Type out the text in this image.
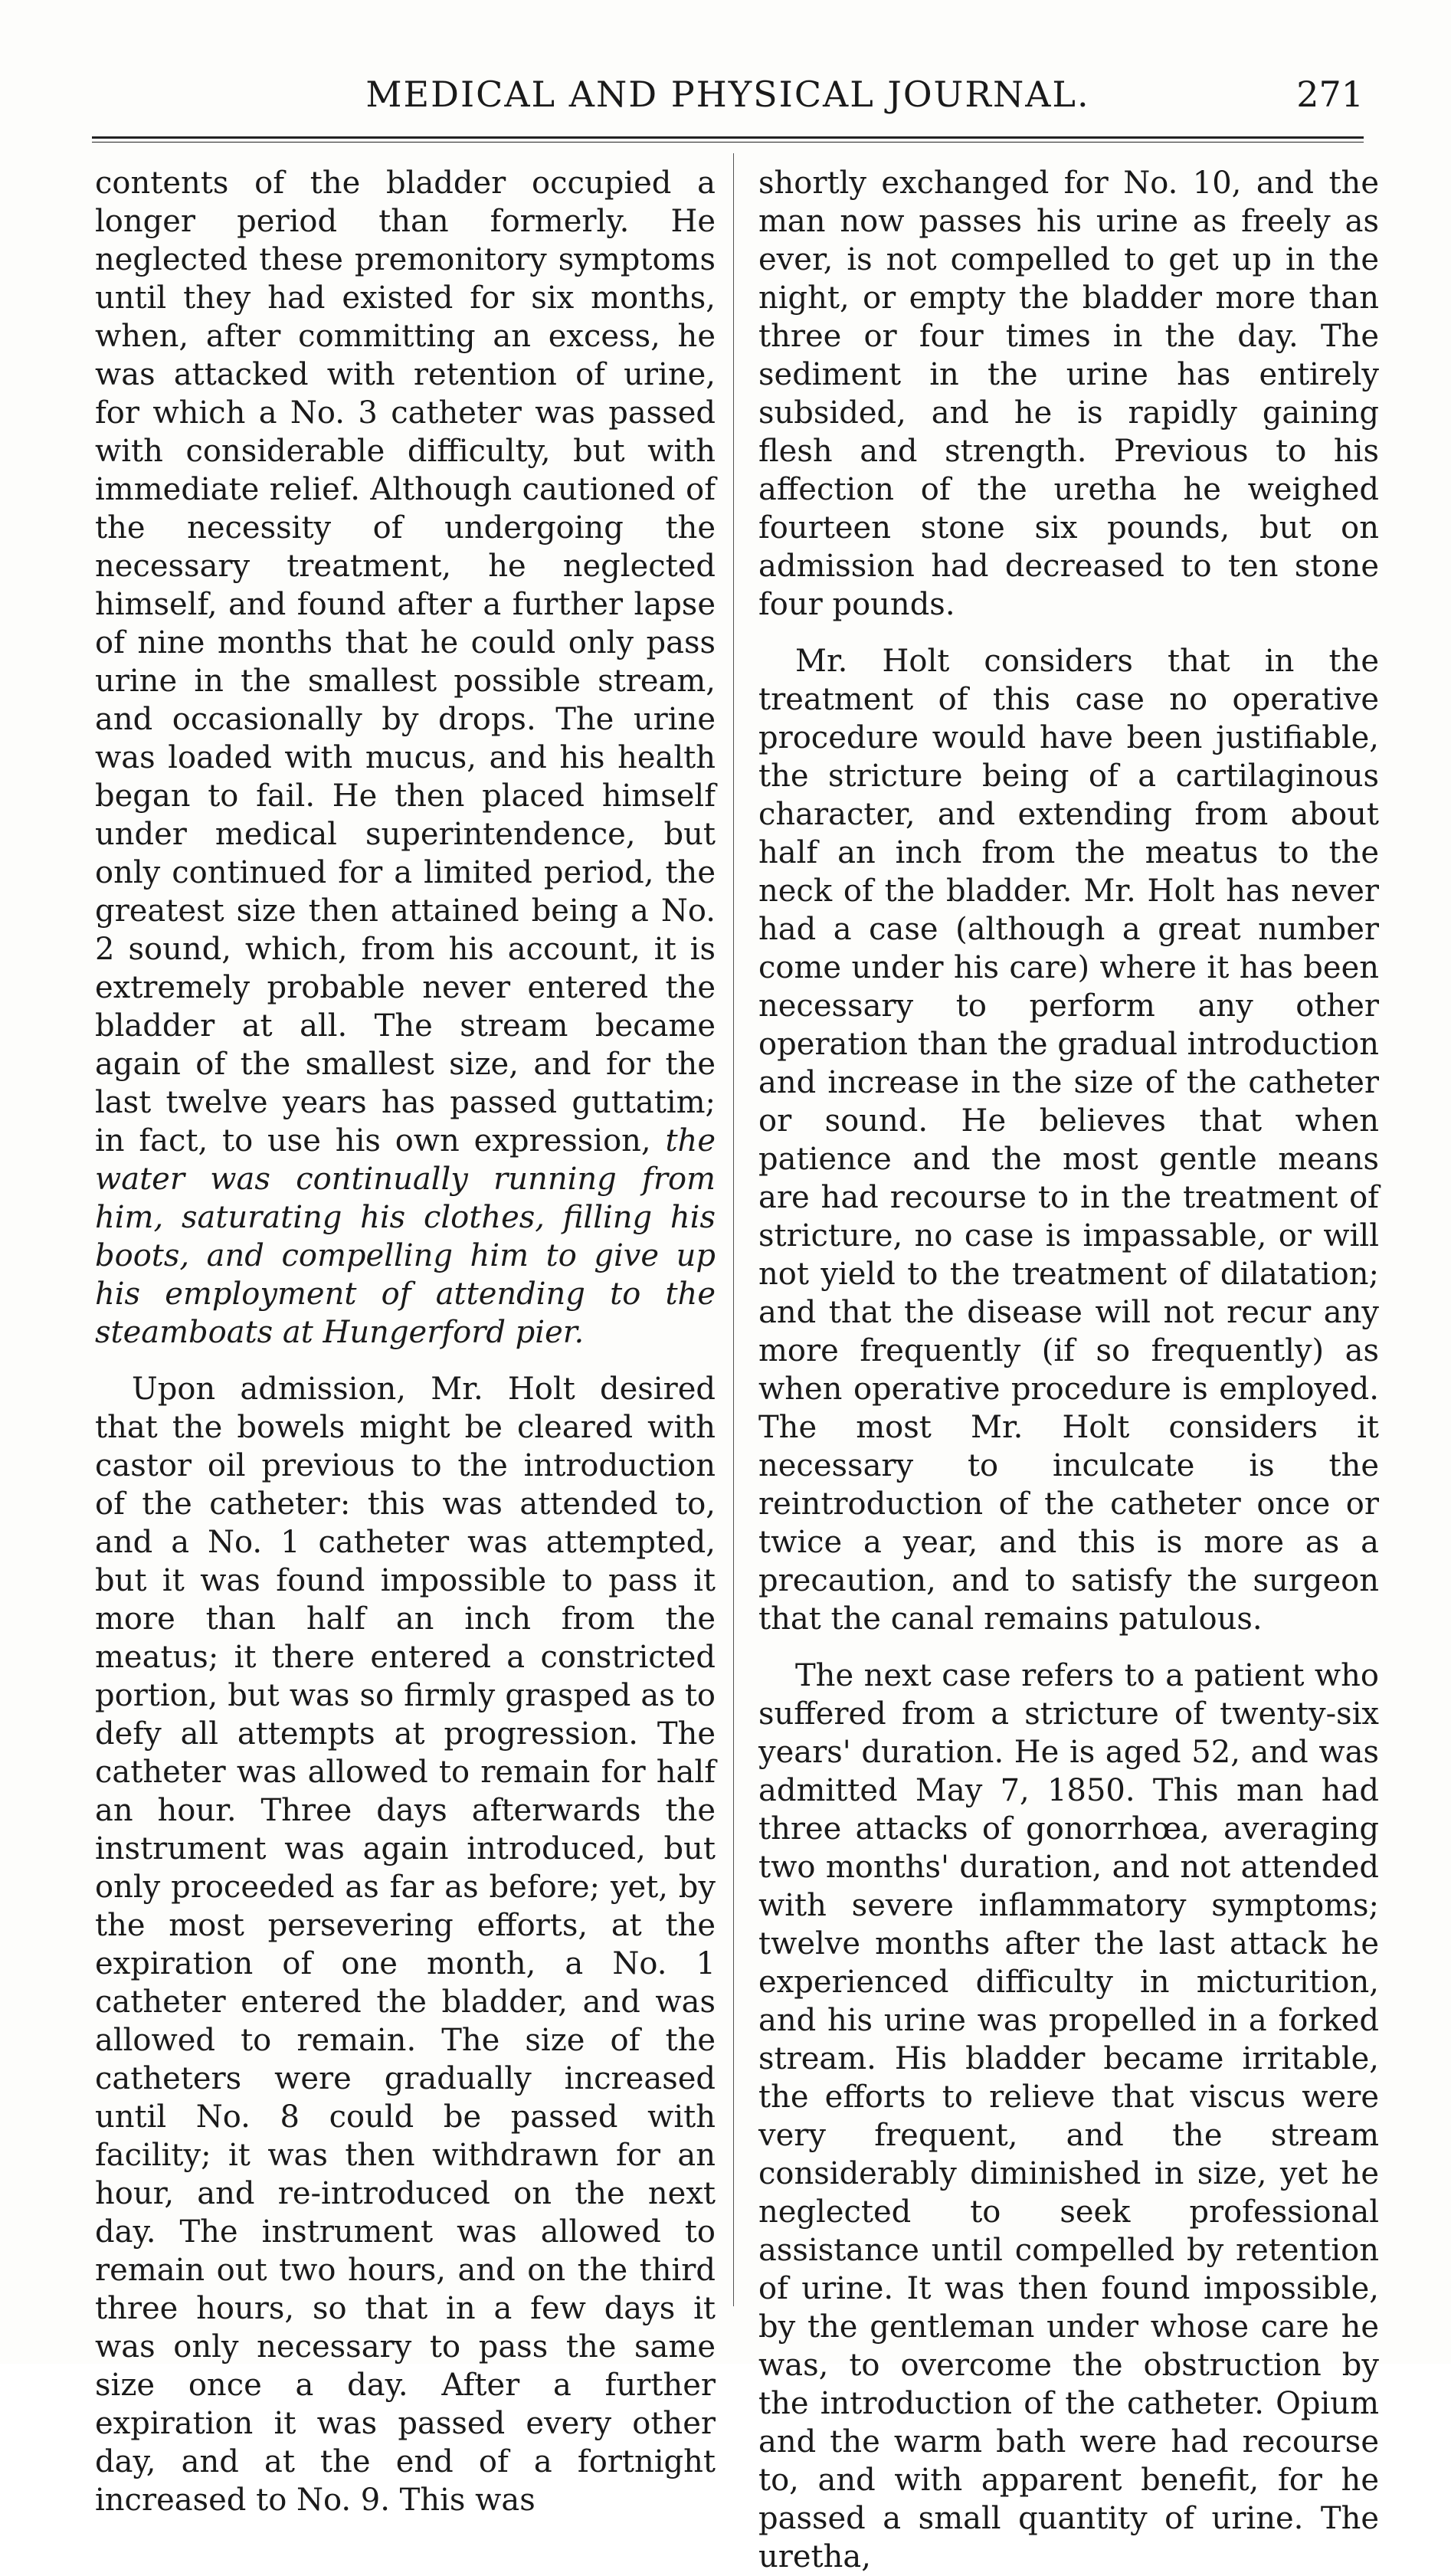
MEDICAL AND PHYSICAL JOURNAL.	271

contents of the bladder occupied a longer period than formerly. He neglected these premonitory symptoms until they had existed for six months, when, after committing an excess, he was attacked with retention of urine, for which a No. 3 catheter was passed with considerable difficulty, but with immediate relief. Although cautioned of the necessity of undergoing the necessary treatment, he neglected himself, and found after a further lapse of nine months that he could only pass urine in the smallest possible stream, and occasionally by drops. The urine was loaded with mucus, and his health began to fail. He then placed himself under medical superintendence, but only continued for a limited period, the greatest size then attained being a No. 2 sound, which, from his account, it is extremely probable never entered the bladder at all. The stream became again of the smallest size, and for the last twelve years has passed guttatim; in fact, to use his own expression, the water was continually running from him, saturating his clothes, filling his boots, and compelling him to give up his employment of attending to the steamboats at Hungerford pier.

Upon admission, Mr. Holt desired that the bowels might be cleared with castor oil previous to the introduction of the catheter: this was attended to, and a No. 1 catheter was attempted, but it was found impossible to pass it more than half an inch from the meatus; it there entered a constricted portion, but was so firmly grasped as to defy all attempts at progression. The catheter was allowed to remain for half an hour. Three days afterwards the instrument was again introduced, but only proceeded as far as before; yet, by the most persevering efforts, at the expiration of one month, a No. 1 catheter entered the bladder, and was allowed to remain. The size of the catheters were gradually increased until No. 8 could be passed with facility; it was then withdrawn for an hour, and re-introduced on the next day. The instrument was allowed to remain out two hours, and on the third three hours, so that in a few days it was only necessary to pass the same size once a day. After a further expiration it was passed every other day, and at the end of a fortnight increased to No. 9. This was

shortly exchanged for No. 10, and the man now passes his urine as freely as ever, is not compelled to get up in the night, or empty the bladder more than three or four times in the day. The sediment in the urine has entirely subsided, and he is rapidly gaining flesh and strength. Previous to his affection of the uretha he weighed fourteen stone six pounds, but on admission had decreased to ten stone four pounds.

Mr. Holt considers that in the treatment of this case no operative procedure would have been justifiable, the stricture being of a cartilaginous character, and extending from about half an inch from the meatus to the neck of the bladder. Mr. Holt has never had a case (although a great number come under his care) where it has been necessary to perform any other operation than the gradual introduction and increase in the size of the catheter or sound. He believes that when patience and the most gentle means are had recourse to in the treatment of stricture, no case is impassable, or will not yield to the treatment of dilatation; and that the disease will not recur any more frequently (if so frequently) as when operative procedure is employed. The most Mr. Holt considers it necessary to inculcate is the reintroduction of the catheter once or twice a year, and this is more as a precaution, and to satisfy the surgeon that the canal remains patulous.

The next case refers to a patient who suffered from a stricture of twenty-six years' duration. He is aged 52, and was admitted May 7, 1850. This man had three attacks of gonorrhœa, averaging two months' duration, and not attended with severe inflammatory symptoms; twelve months after the last attack he experienced difficulty in micturition, and his urine was propelled in a forked stream. His bladder became irritable, the efforts to relieve that viscus were very frequent, and the stream considerably diminished in size, yet he neglected to seek professional assistance until compelled by retention of urine. It was then found impossible, by the gentleman under whose care he was, to overcome the obstruction by the introduction of the catheter. Opium and the warm bath were had recourse to, and with apparent benefit, for he passed a small quantity of urine. The uretha,
